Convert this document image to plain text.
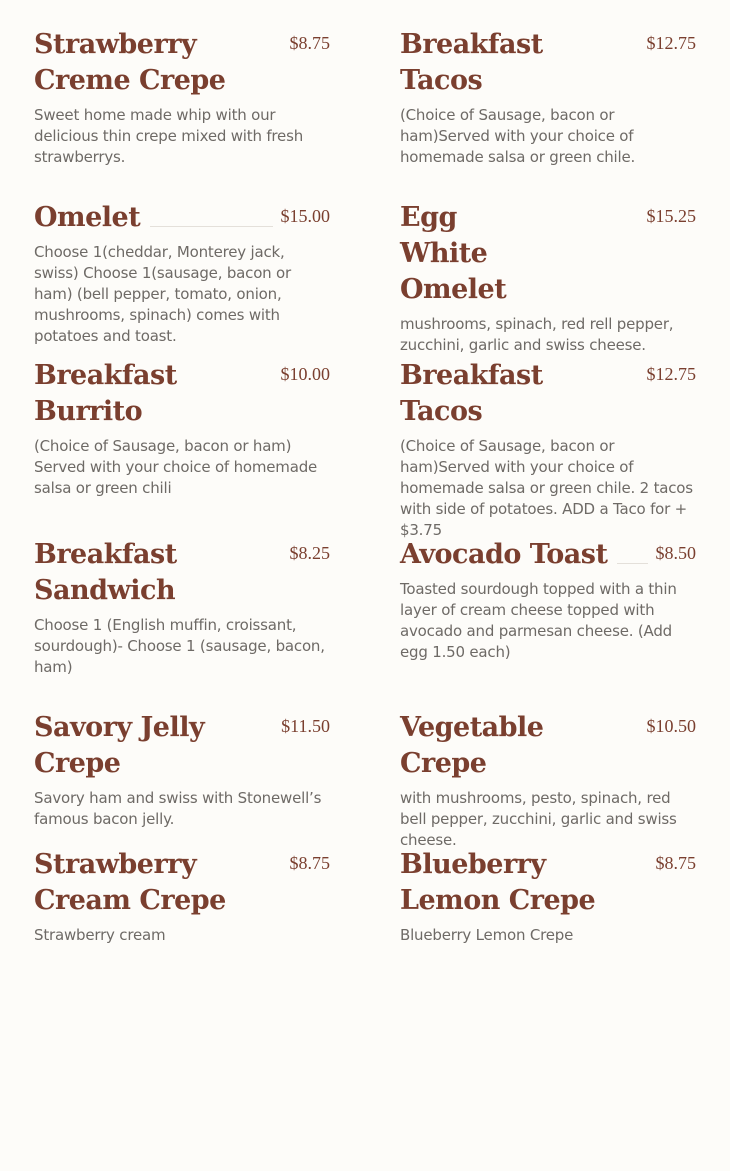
Strawberry Creme Crepe
$8.75

Sweet home made whip with our delicious thin crepe mixed with fresh strawberrys.

Breakfast Tacos
$12.75

(Choice of Sausage, bacon or ham)Served with your choice of homemade salsa or green chile.

Omelet	$15.00

Choose 1(cheddar, Monterey jack, swiss) Choose 1(sausage, bacon or ham) (bell pepper, tomato, onion, mushrooms, spinach) comes with potatoes and toast.

Egg White Omelet
$15.25

mushrooms, spinach, red rell pepper, zucchini, garlic and swiss cheese.

Breakfast Burrito
$10.00

(Choice of Sausage, bacon or ham) Served with your choice of homemade salsa or green chili

Breakfast Tacos
$12.75

(Choice of Sausage, bacon or ham)Served with your choice of homemade salsa or green chile. 2 tacos with side of potatoes. ADD a Taco for + $3.75

Breakfast Sandwich
$8.25

Choose 1 (English muffin, croissant, sourdough)- Choose 1 (sausage, bacon, ham)

Avocado Toast	$8.50

Toasted sourdough topped with a thin layer of cream cheese topped with avocado and parmesan cheese. (Add egg 1.50 each)

Savory Jelly Crepe
$11.50

Savory ham and swiss with Stonewell’s famous bacon jelly.

Vegetable Crepe
$10.50

with mushrooms, pesto, spinach, red bell pepper, zucchini, garlic and swiss cheese.

Strawberry Cream Crepe
$8.75

Strawberry cream

Blueberry Lemon Crepe
$8.75

Blueberry Lemon Crepe
